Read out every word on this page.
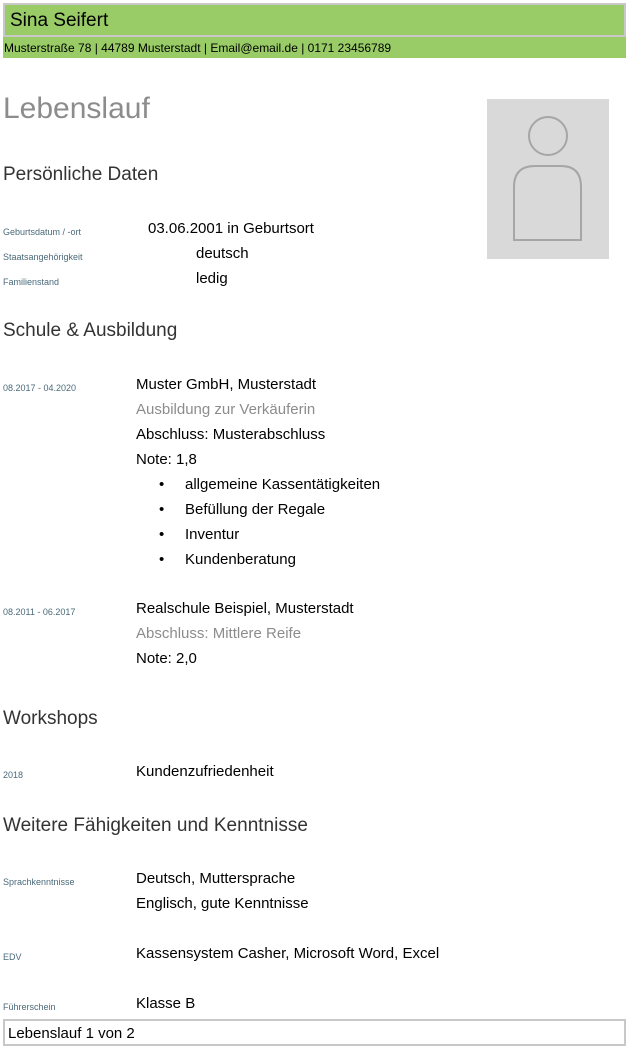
Sina Seifert
Musterstraße 78 | 44789 Musterstadt | Email@email.de | 0171 23456789
Lebenslauf
Persönliche Daten
Geburtsdatum / -ort	03.06.2001 in Geburtsort
Staatsangehörigkeit	deutsch
Familienstand	ledig
Schule & Ausbildung
08.2017 - 04.2020	Muster GmbH, Musterstadt
Ausbildung zur Verkäuferin
Abschluss: Musterabschluss
Note: 1,8
• allgemeine Kassentätigkeiten
• Befüllung der Regale
• Inventur
• Kundenberatung
08.2011 - 06.2017	Realschule Beispiel, Musterstadt
Abschluss: Mittlere Reife
Note: 2,0
Workshops
2018	Kundenzufriedenheit
Weitere Fähigkeiten und Kenntnisse
Sprachkenntnisse	Deutsch, Muttersprache
Englisch, gute Kenntnisse
EDV	Kassensystem Casher, Microsoft Word, Excel
Führerschein	Klasse B
Lebenslauf 1 von 2
